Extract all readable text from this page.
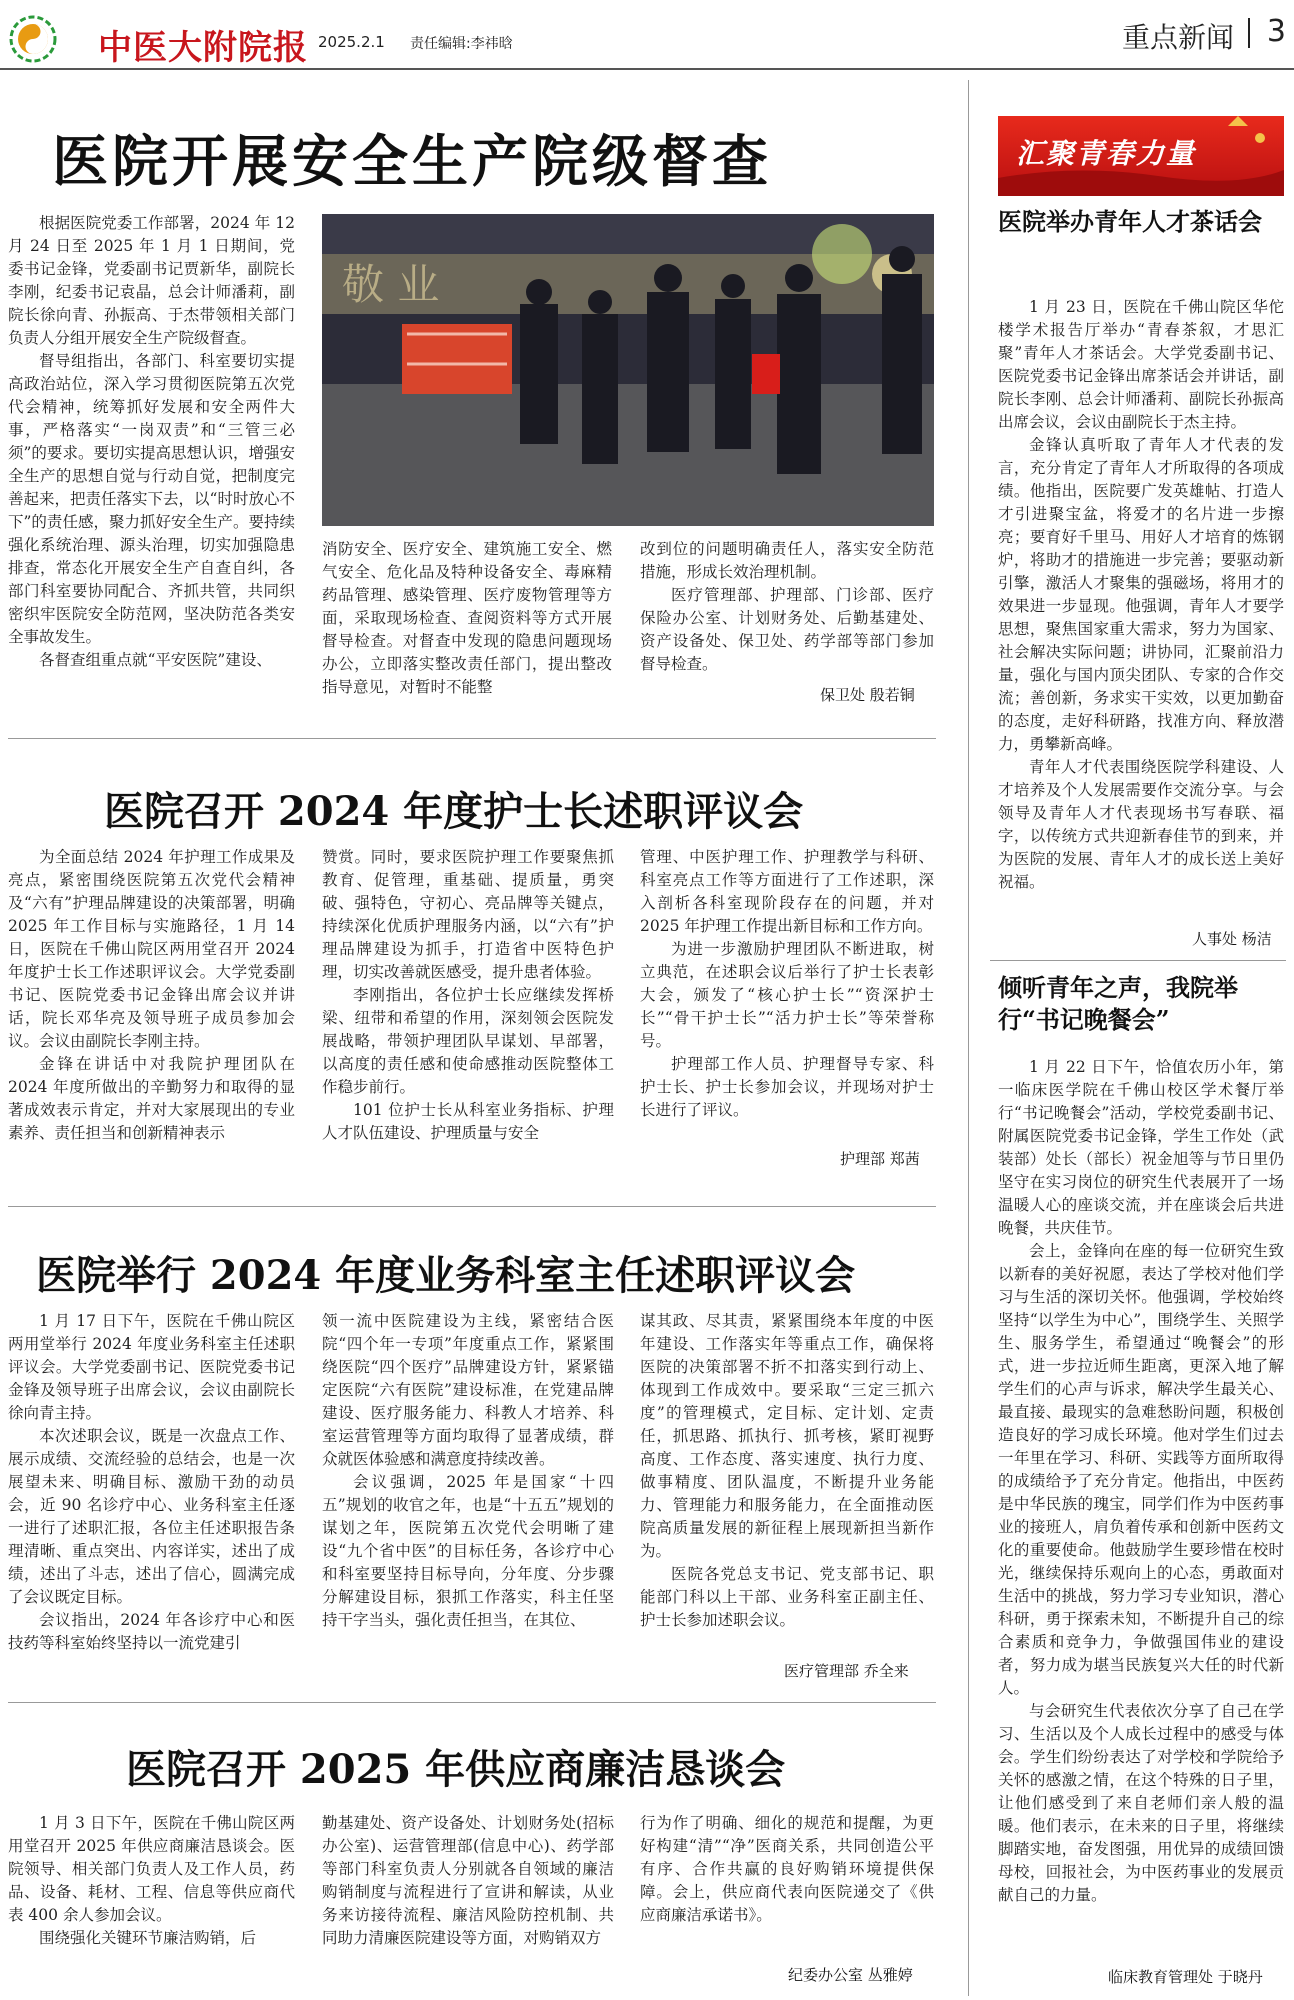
中医大附院报 2025.2.1 责任编辑:李祎晗	重点新闻 3
医院开展安全生产院级督查

根据医院党委工作部署，2024 年 12 月 24 日至 2025 年 1 月 1 日期间，党委书记金锋，党委副书记贾新华，副院长李刚，纪委书记袁晶，总会计师潘莉，副院长徐向青、孙振高、于杰带领相关部门负责人分组开展安全生产院级督查。

督导组指出，各部门、科室要切实提高政治站位，深入学习贯彻医院第五次党代会精神，统筹抓好发展和安全两件大事，严格落实“一岗双责”和“三管三必须”的要求。要切实提高思想认识，增强安全生产的思想自觉与行动自觉，把制度完善起来，把责任落实下去，以“时时放心不下”的责任感，聚力抓好安全生产。要持续强化系统治理、源头治理，切实加强隐患排查，常态化开展安全生产自查自纠，各部门科室要协同配合、齐抓共管，共同织密织牢医院安全防范网，坚决防范各类安全事故发生。

各督查组重点就“平安医院”建设、

敬 业
消防安全、医疗安全、建筑施工安全、燃气安全、危化品及特种设备安全、毒麻精药品管理、感染管理、医疗废物管理等方面，采取现场检查、查阅资料等方式开展督导检查。对督查中发现的隐患问题现场办公，立即落实整改责任部门，提出整改指导意见，对暂时不能整

改到位的问题明确责任人，落实安全防范措施，形成长效治理机制。

医疗管理部、护理部、门诊部、医疗保险办公室、计划财务处、后勤基建处、资产设备处、保卫处、药学部等部门参加督导检查。

保卫处 殷若铜
医院召开 2024 年度护士长述职评议会

为全面总结 2024 年护理工作成果及亮点，紧密围绕医院第五次党代会精神及“六有”护理品牌建设的决策部署，明确 2025 年工作目标与实施路径，1 月 14 日，医院在千佛山院区两用堂召开 2024 年度护士长工作述职评议会。大学党委副书记、医院党委书记金锋出席会议并讲话，院长邓华亮及领导班子成员参加会议。会议由副院长李刚主持。

金锋在讲话中对我院护理团队在 2024 年度所做出的辛勤努力和取得的显著成效表示肯定，并对大家展现出的专业素养、责任担当和创新精神表示

赞赏。同时，要求医院护理工作要聚焦抓教育、促管理，重基础、提质量，勇突破、强特色，守初心、亮品牌等关键点，持续深化优质护理服务内涵，以“六有”护理品牌建设为抓手，打造省中医特色护理，切实改善就医感受，提升患者体验。

李刚指出，各位护士长应继续发挥桥梁、纽带和希望的作用，深刻领会医院发展战略，带领护理团队早谋划、早部署，以高度的责任感和使命感推动医院整体工作稳步前行。

101 位护士长从科室业务指标、护理人才队伍建设、护理质量与安全

管理、中医护理工作、护理教学与科研、科室亮点工作等方面进行了工作述职，深入剖析各科室现阶段存在的问题，并对 2025 年护理工作提出新目标和工作方向。

为进一步激励护理团队不断进取，树立典范，在述职会议后举行了护士长表彰大会，颁发了“核心护士长”“资深护士长”“骨干护士长”“活力护士长”等荣誉称号。

护理部工作人员、护理督导专家、科护士长、护士长参加会议，并现场对护士长进行了评议。

护理部 郑茜
医院举行 2024 年度业务科室主任述职评议会

1 月 17 日下午，医院在千佛山院区两用堂举行 2024 年度业务科室主任述职评议会。大学党委副书记、医院党委书记金锋及领导班子出席会议，会议由副院长徐向青主持。

本次述职会议，既是一次盘点工作、展示成绩、交流经验的总结会，也是一次展望未来、明确目标、激励干劲的动员会，近 90 名诊疗中心、业务科室主任逐一进行了述职汇报，各位主任述职报告条理清晰、重点突出、内容详实，述出了成绩，述出了斗志，述出了信心，圆满完成了会议既定目标。

会议指出，2024 年各诊疗中心和医技药等科室始终坚持以一流党建引

领一流中医院建设为主线，紧密结合医院“四个年一专项”年度重点工作，紧紧围绕医院“四个医疗”品牌建设方针，紧紧锚定医院“六有医院”建设标准，在党建品牌建设、医疗服务能力、科教人才培养、科室运营管理等方面均取得了显著成绩，群众就医体验感和满意度持续改善。

会议强调，2025 年是国家“十四五”规划的收官之年，也是“十五五”规划的谋划之年，医院第五次党代会明晰了建设“九个省中医”的目标任务，各诊疗中心和科室要坚持目标导向，分年度、分步骤分解建设目标，狠抓工作落实，科主任坚持干字当头，强化责任担当，在其位、

谋其政、尽其责，紧紧围绕本年度的中医年建设、工作落实年等重点工作，确保将医院的决策部署不折不扣落实到行动上、体现到工作成效中。要采取“三定三抓六度”的管理模式，定目标、定计划、定责任，抓思路、抓执行、抓考核，紧盯视野高度、工作态度、落实速度、执行力度、做事精度、团队温度，不断提升业务能力、管理能力和服务能力，在全面推动医院高质量发展的新征程上展现新担当新作为。

医院各党总支书记、党支部书记、职能部门科以上干部、业务科室正副主任、护士长参加述职会议。

医疗管理部 乔全来
医院召开 2025 年供应商廉洁恳谈会

1 月 3 日下午，医院在千佛山院区两用堂召开 2025 年供应商廉洁恳谈会。医院领导、相关部门负责人及工作人员，药品、设备、耗材、工程、信息等供应商代表 400 余人参加会议。

围绕强化关键环节廉洁购销，后

勤基建处、资产设备处、计划财务处(招标办公室)、运营管理部(信息中心)、药学部等部门科室负责人分别就各自领域的廉洁购销制度与流程进行了宣讲和解读，从业务来访接待流程、廉洁风险防控机制、共同助力清廉医院建设等方面，对购销双方
行为作了明确、细化的规范和提醒，为更好构建“清”“净”医商关系，共同创造公平有序、合作共赢的良好购销环境提供保障。会上，供应商代表向医院递交了《供应商廉洁承诺书》。
纪委办公室 丛雅婷
汇聚青春力量
医院举办青年人才茶话会

1 月 23 日，医院在千佛山院区华佗楼学术报告厅举办“青春茶叙，才思汇聚”青年人才茶话会。大学党委副书记、医院党委书记金锋出席茶话会并讲话，副院长李刚、总会计师潘莉、副院长孙振高出席会议，会议由副院长于杰主持。

金锋认真听取了青年人才代表的发言，充分肯定了青年人才所取得的各项成绩。他指出，医院要广发英雄帖、打造人才引进聚宝盆，将爱才的名片进一步擦亮；要育好千里马、用好人才培育的炼钢炉，将助才的措施进一步完善；要驱动新引擎，激活人才聚集的强磁场，将用才的效果进一步显现。他强调，青年人才要学思想，聚焦国家重大需求，努力为国家、社会解决实际问题；讲协同，汇聚前沿力量，强化与国内顶尖团队、专家的合作交流；善创新，务求实干实效，以更加勤奋的态度，走好科研路，找准方向、释放潜力，勇攀新高峰。

青年人才代表围绕医院学科建设、人才培养及个人发展需要作交流分享。与会领导及青年人才代表现场书写春联、福字，以传统方式共迎新春佳节的到来，并为医院的发展、青年人才的成长送上美好祝福。

人事处 杨洁
倾听青年之声，我院举行“书记晚餐会”

1 月 22 日下午，恰值农历小年，第一临床医学院在千佛山校区学术餐厅举行“书记晚餐会”活动，学校党委副书记、附属医院党委书记金锋，学生工作处（武装部）处长（部长）祝金旭等与节日里仍坚守在实习岗位的研究生代表展开了一场温暖人心的座谈交流，并在座谈会后共进晚餐，共庆佳节。

会上，金锋向在座的每一位研究生致以新春的美好祝愿，表达了学校对他们学习与生活的深切关怀。他强调，学校始终坚持“以学生为中心”，围绕学生、关照学生、服务学生，希望通过“晚餐会”的形式，进一步拉近师生距离，更深入地了解学生们的心声与诉求，解决学生最关心、最直接、最现实的急难愁盼问题，积极创造良好的学习成长环境。他对学生们过去一年里在学习、科研、实践等方面所取得的成绩给予了充分肯定。他指出，中医药是中华民族的瑰宝，同学们作为中医药事业的接班人，肩负着传承和创新中医药文化的重要使命。他鼓励学生要珍惜在校时光，继续保持乐观向上的心态，勇敢面对生活中的挑战，努力学习专业知识，潜心科研，勇于探索未知，不断提升自己的综合素质和竞争力，争做强国伟业的建设者，努力成为堪当民族复兴大任的时代新人。

与会研究生代表依次分享了自己在学习、生活以及个人成长过程中的感受与体会。学生们纷纷表达了对学校和学院给予关怀的感激之情，在这个特殊的日子里，让他们感受到了来自老师们亲人般的温暖。他们表示，在未来的日子里，将继续脚踏实地，奋发图强，用优异的成绩回馈母校，回报社会，为中医药事业的发展贡献自己的力量。

临床教育管理处 于晓丹
